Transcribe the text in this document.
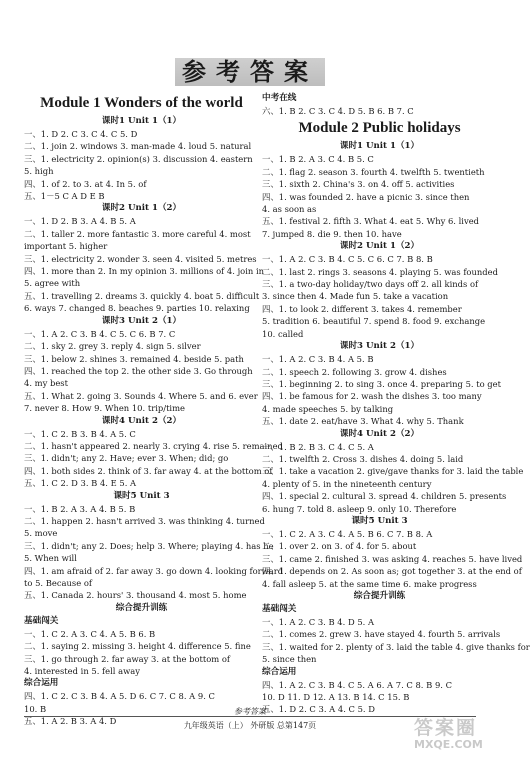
参考答案
Module 1 Wonders of the world
课时1 Unit 1（1）
一、1. D 2. C 3. C 4. C 5. D
二、1. join 2. windows 3. man-made 4. loud 5. natural
三、1. electricity 2. opinion(s) 3. discussion 4. eastern
5. high
四、1. of 2. to 3. at 4. In 5. of
五、1－5 C A D E B
课时2 Unit 1（2）
一、1. D 2. B 3. A 4. B 5. A
二、1. taller 2. more fantastic 3. more careful 4. most
important 5. higher
三、1. electricity 2. wonder 3. seen 4. visited 5. metres
四、1. more than 2. In my opinion 3. millions of 4. join in
5. agree with
五、1. travelling 2. dreams 3. quickly 4. boat 5. difficult
6. ways 7. changed 8. beaches 9. parties 10. relaxing
课时3 Unit 2（1）
一、1. A 2. C 3. B 4. C 5. C 6. B 7. C
二、1. sky 2. grey 3. reply 4. sign 5. silver
三、1. below 2. shines 3. remained 4. beside 5. path
四、1. reached the top 2. the other side 3. Go through
4. my best
五、1. What 2. going 3. Sounds 4. Where 5. and 6. ever
7. never 8. How 9. When 10. trip/time
课时4 Unit 2（2）
一、1. C 2. B 3. B 4. A 5. C
二、1. hasn't appeared 2. nearly 3. crying 4. rise 5. remained
三、1. didn't; any 2. Have; ever 3. When; did; go
四、1. both sides 2. think of 3. far away 4. at the bottom of
五、1. C 2. D 3. B 4. E 5. A
课时5 Unit 3
一、1. B 2. A 3. A 4. B 5. B
二、1. happen 2. hasn't arrived 3. was thinking 4. turned
5. move
三、1. didn't; any 2. Does; help 3. Where; playing 4. has he
5. When will
四、1. am afraid of 2. far away 3. go down 4. looking forward
to 5. Because of
五、1. Canada 2. hours' 3. thousand 4. most 5. home
综合提升训练
基础闯关
一、1. C 2. A 3. C 4. A 5. B 6. B
二、1. saying 2. missing 3. height 4. difference 5. fine
三、1. go through 2. far away 3. at the bottom of
4. interested in 5. fell away
综合运用
四、1. C 2. C 3. B 4. A 5. D 6. C 7. C 8. A 9. C
10. B
五、1. A 2. B 3. A 4. D
中考在线
六、1. B 2. C 3. C 4. D 5. B 6. B 7. C
Module 2 Public holidays
课时1 Unit 1（1）
一、1. B 2. A 3. C 4. B 5. C
二、1. flag 2. season 3. fourth 4. twelfth 5. twentieth
三、1. sixth 2. China's 3. on 4. off 5. activities
四、1. was founded 2. have a picnic 3. since then
4. as soon as
五、1. festival 2. fifth 3. What 4. eat 5. Why 6. lived
7. jumped 8. die 9. then 10. have
课时2 Unit 1（2）
一、1. A 2. C 3. B 4. C 5. C 6. C 7. B 8. B
二、1. last 2. rings 3. seasons 4. playing 5. was founded
三、1. a two-day holiday/two days off 2. all kinds of
3. since then 4. Made fun 5. take a vacation
四、1. to look 2. different 3. takes 4. remember
5. tradition 6. beautiful 7. spend 8. food 9. exchange
10. called
课时3 Unit 2（1）
一、1. A 2. C 3. B 4. A 5. B
二、1. speech 2. following 3. grow 4. dishes
三、1. beginning 2. to sing 3. once 4. preparing 5. to get
四、1. be famous for 2. wash the dishes 3. too many
4. made speeches 5. by talking
五、1. date 2. eat/have 3. What 4. why 5. Thank
课时4 Unit 2（2）
一、1. B 2. B 3. C 4. C 5. A
二、1. twelfth 2. Cross 3. dishes 4. doing 5. laid
三、1. take a vacation 2. give/gave thanks for 3. laid the table
4. plenty of 5. in the nineteenth century
四、1. special 2. cultural 3. spread 4. children 5. presents
6. hung 7. told 8. asleep 9. only 10. Therefore
课时5 Unit 3
一、1. C 2. A 3. C 4. A 5. B 6. C 7. B 8. A
二、1. over 2. on 3. of 4. for 5. about
三、1. came 2. finished 3. was asking 4. reaches 5. have lived
四、1. depends on 2. As soon as; got together 3. at the end of
4. fall asleep 5. at the same time 6. make progress
综合提升训练
基础闯关
一、1. A 2. C 3. B 4. D 5. A
二、1. comes 2. grew 3. have stayed 4. fourth 5. arrivals
三、1. waited for 2. plenty of 3. laid the table 4. give thanks for
5. since then
综合运用
四、1. A 2. C 3. B 4. C 5. A 6. A 7. C 8. B 9. C
10. D 11. D 12. A 13. B 14. C 15. B
五、1. D 2. C 3. A 4. C 5. D
参考答案
九年级英语（上） 外研版 总第147页	答案圈
MXQE.COM
